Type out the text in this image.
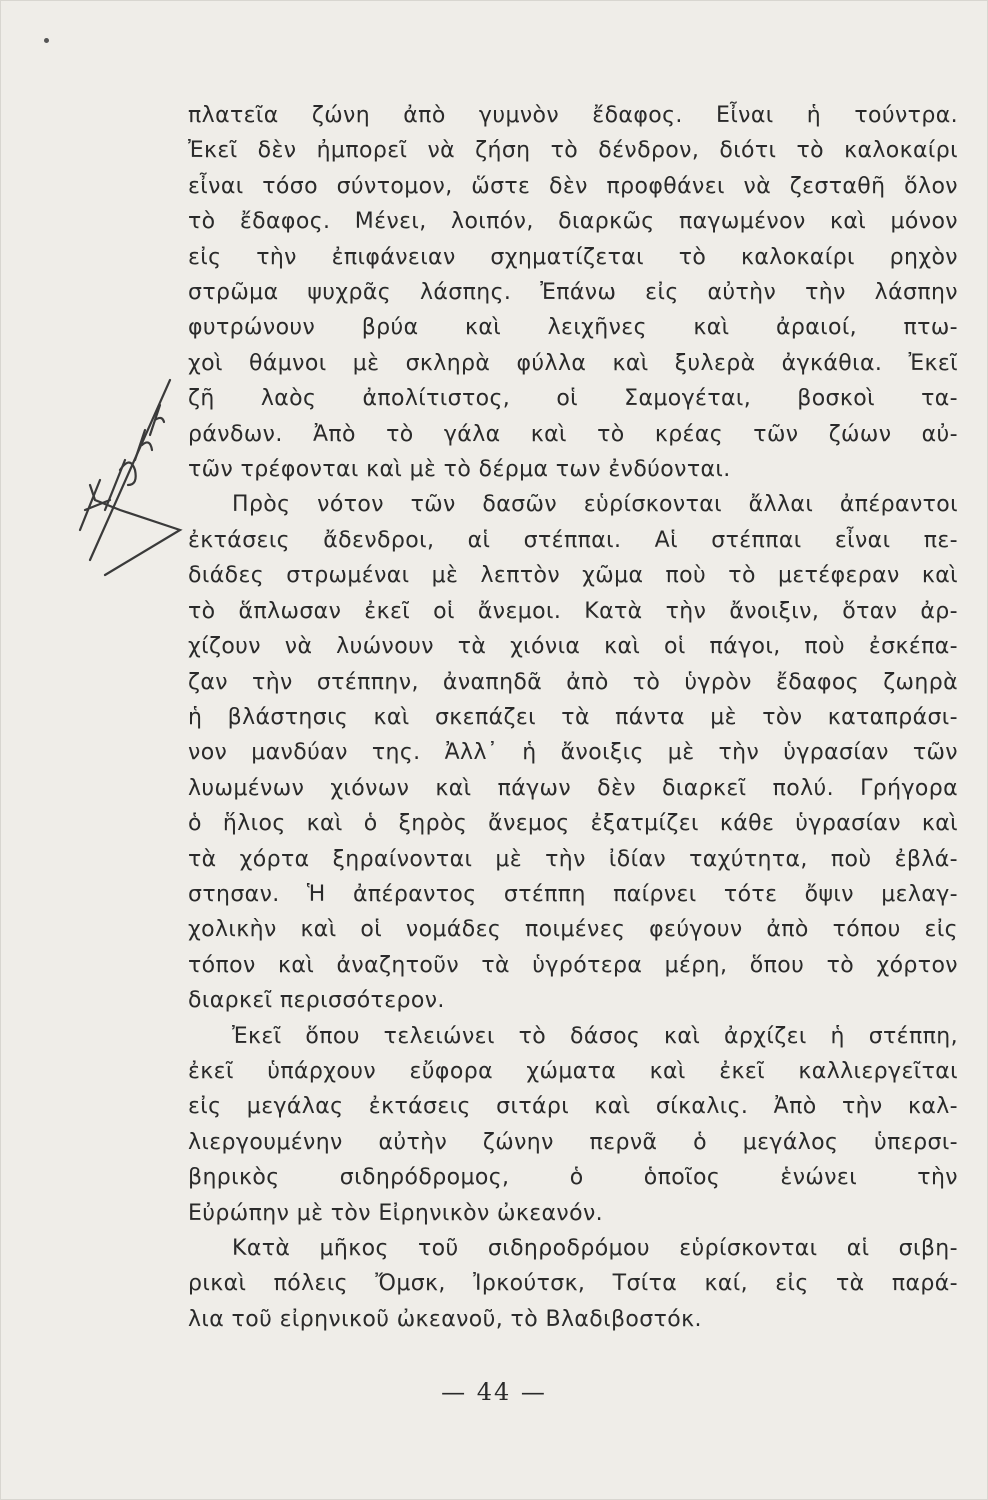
πλατεῖα ζώνη ἀπὸ γυμνὸν ἔδαφος. Εἶναι ἡ τούντρα.
Ἐκεῖ δὲν ἠμπορεῖ νὰ ζήση τὸ δένδρον, διότι τὸ καλοκαίρι
εἶναι τόσο σύντομον, ὥστε δὲν προφθάνει νὰ ζεσταθῆ ὅλον
τὸ ἔδαφος. Μένει, λοιπόν, διαρκῶς παγωμένον καὶ μόνον
εἰς τὴν ἐπιφάνειαν σχηματίζεται τὸ καλοκαίρι ρηχὸν
στρῶμα ψυχρᾶς λάσπης. Ἐπάνω εἰς αὐτὴν τὴν λάσπην
φυτρώνουν βρύα καὶ λειχῆνες καὶ ἀραιοί, πτω-
χοὶ θάμνοι μὲ σκληρὰ φύλλα καὶ ξυλερὰ ἀγκάθια. Ἐκεῖ
ζῆ λαὸς ἀπολίτιστος, οἱ Σαμογέται, βοσκοὶ τα-
ράνδων. Ἀπὸ τὸ γάλα καὶ τὸ κρέας τῶν ζώων αὐ-
τῶν τρέφονται καὶ μὲ τὸ δέρμα των ἐνδύονται.
Πρὸς νότον τῶν δασῶν εὑρίσκονται ἄλλαι ἀπέραντοι
ἐκτάσεις ἄδενδροι, αἱ στέππαι. Αἱ στέππαι εἶναι πε-
διάδες στρωμέναι μὲ λεπτὸν χῶμα ποὺ τὸ μετέφεραν καὶ
τὸ ἅπλωσαν ἐκεῖ οἱ ἄνεμοι. Κατὰ τὴν ἄνοιξιν, ὅταν ἀρ-
χίζουν νὰ λυώνουν τὰ χιόνια καὶ οἱ πάγοι, ποὺ ἐσκέπα-
ζαν τὴν στέππην, ἀναπηδᾶ ἀπὸ τὸ ὑγρὸν ἔδαφος ζωηρὰ
ἡ βλάστησις καὶ σκεπάζει τὰ πάντα μὲ τὸν καταπράσι-
νον μανδύαν της. Ἀλλ᾽ ἡ ἄνοιξις μὲ τὴν ὑγρασίαν τῶν
λυωμένων χιόνων καὶ πάγων δὲν διαρκεῖ πολύ. Γρήγορα
ὁ ἥλιος καὶ ὁ ξηρὸς ἄνεμος ἐξατμίζει κάθε ὑγρασίαν καὶ
τὰ χόρτα ξηραίνονται μὲ τὴν ἰδίαν ταχύτητα, ποὺ ἐβλά-
στησαν. Ἡ ἀπέραντος στέππη παίρνει τότε ὄψιν μελαγ-
χολικὴν καὶ οἱ νομάδες ποιμένες φεύγουν ἀπὸ τόπου εἰς
τόπον καὶ ἀναζητοῦν τὰ ὑγρότερα μέρη, ὅπου τὸ χόρτον
διαρκεῖ περισσότερον.
Ἐκεῖ ὅπου τελειώνει τὸ δάσος καὶ ἀρχίζει ἡ στέππη,
ἐκεῖ ὑπάρχουν εὔφορα χώματα καὶ ἐκεῖ καλλιεργεῖται
εἰς μεγάλας ἐκτάσεις σιτάρι καὶ σίκαλις. Ἀπὸ τὴν καλ-
λιεργουμένην αὐτὴν ζώνην περνᾶ ὁ μεγάλος ὑπερσι-
βηρικὸς σιδηρόδρομος, ὁ ὁποῖος ἑνώνει τὴν
Εὐρώπην μὲ τὸν Εἰρηνικὸν ὠκεανόν.
Κατὰ μῆκος τοῦ σιδηροδρόμου εὑρίσκονται αἱ σιβη-
ρικαὶ πόλεις Ὄμσκ, Ἰρκούτσκ, Τσίτα καί, εἰς τὰ παρά-
λια τοῦ εἰρηνικοῦ ὠκεανοῦ, τὸ Βλαδιβοστόκ.
— 44 —
